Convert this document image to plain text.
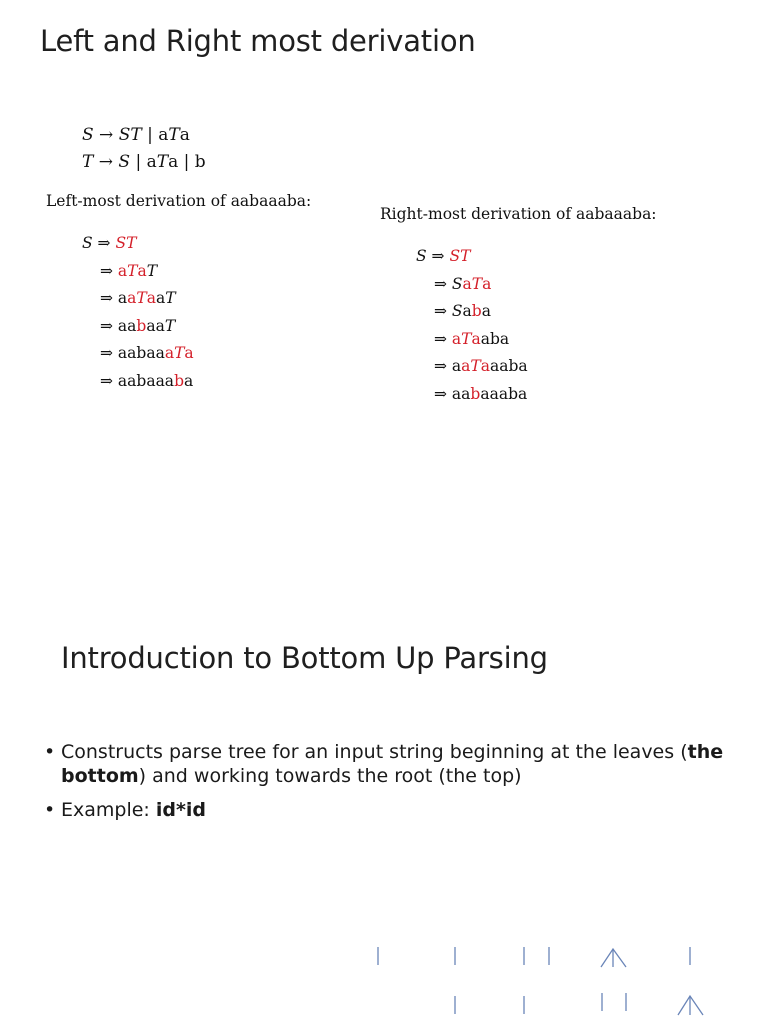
Left and Right most derivation
S → ST | aTa
T → S | aTa | b
Left-most derivation of aabaaaba:
S ⇒ ST
⇒ aTaT
⇒ aaTaaT
⇒ aabaaT
⇒ aabaaaTa
⇒ aabaaaba
Right-most derivation of aabaaaba:
S ⇒ ST
⇒ SaTa
⇒ Saba
⇒ aTaaba
⇒ aaTaaaba
⇒ aabaaaba
Introduction to Bottom Up Parsing
• Constructs parse tree for an input string beginning at the leaves (the bottom) and working towards the root (the top)
• Example: id*id
